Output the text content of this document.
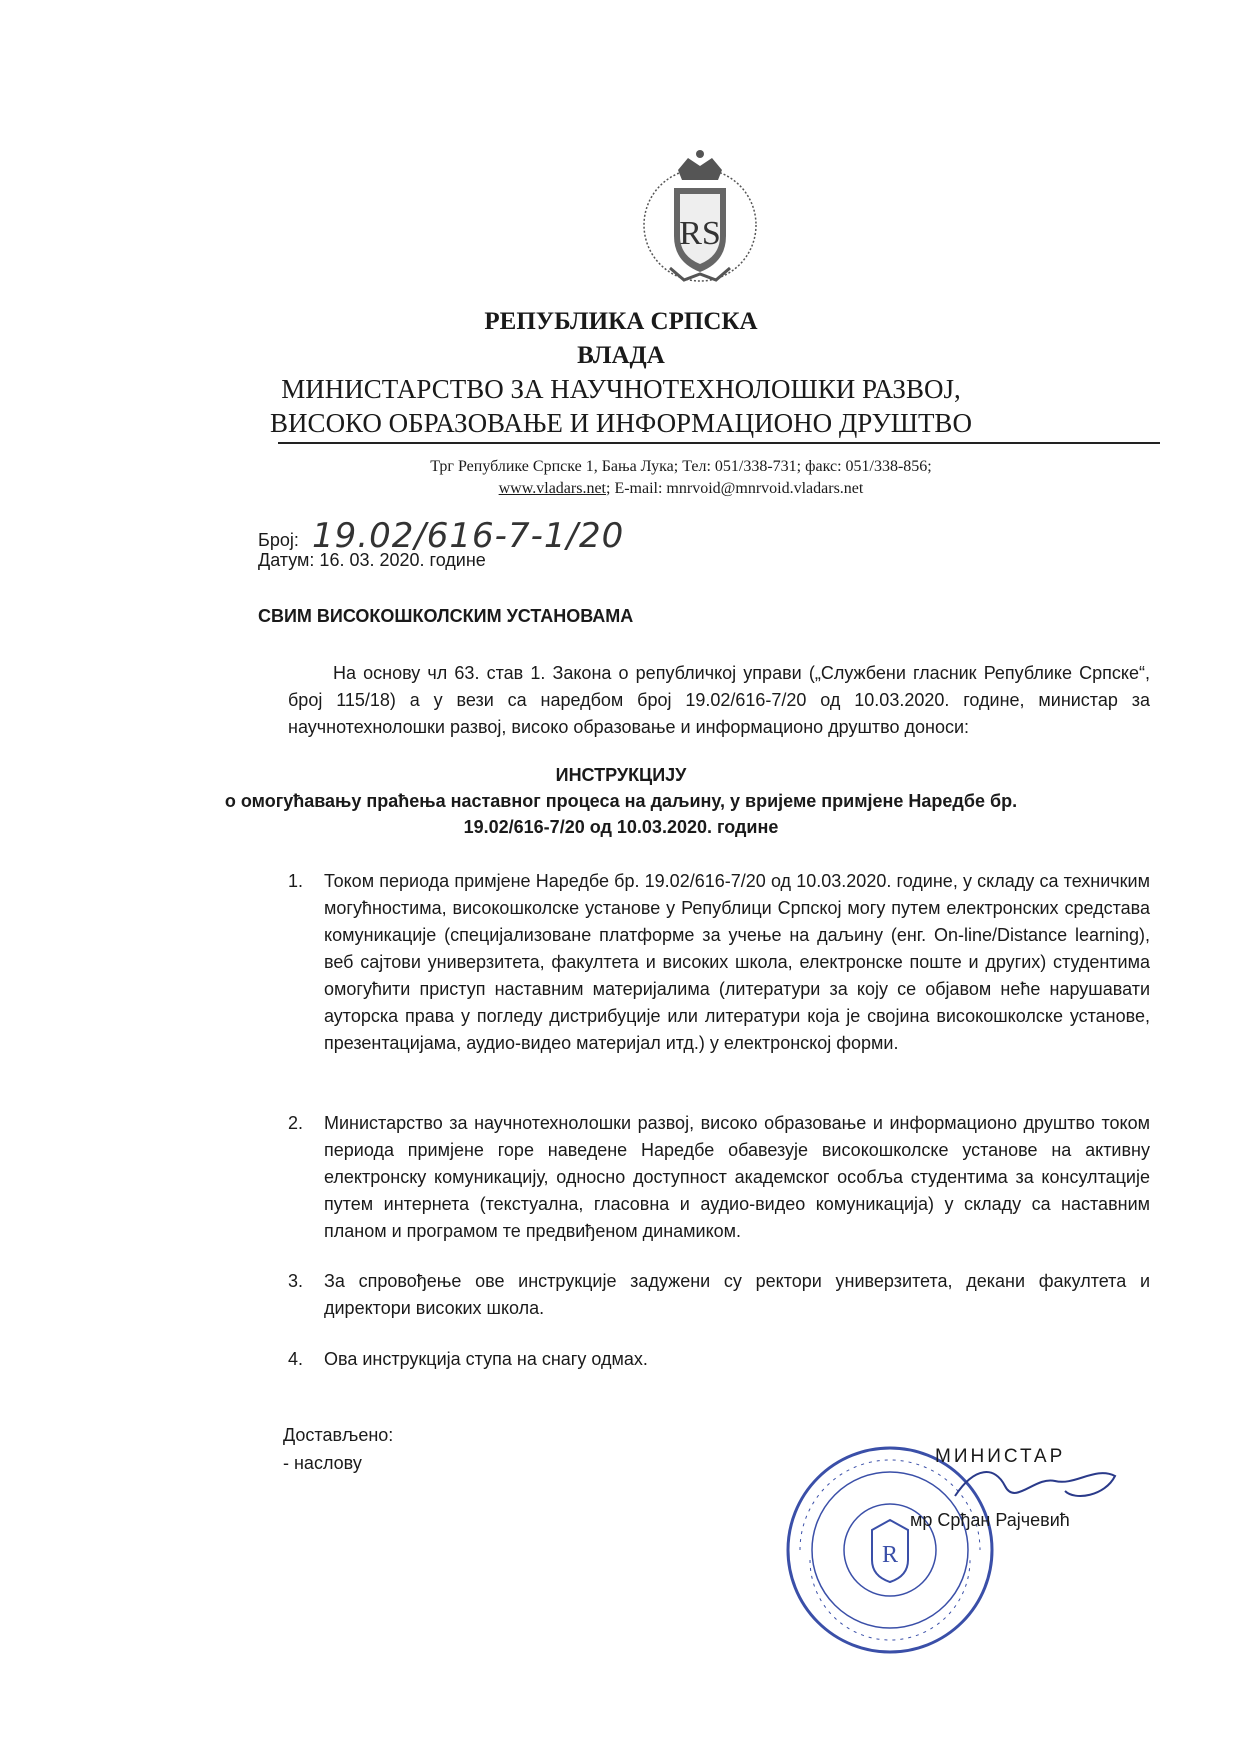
RS
РЕПУБЛИКА СРПСКА
ВЛАДА
МИНИСТАРСТВО ЗА НАУЧНОТЕХНОЛОШКИ РАЗВОЈ,
ВИСОКО ОБРАЗОВАЊЕ И ИНФОРМАЦИОНО ДРУШТВО
Трг Републике Српске 1, Бања Лука; Тел: 051/338-731; факс: 051/338-856;
www.vladars.net; E-mail: mnrvoid@mnrvoid.vladars.net
Број: 19.02/616-7-1/20
Датум: 16. 03. 2020. године
СВИМ ВИСОКОШКОЛСКИМ УСТАНОВАМА
На основу чл 63. став 1. Закона о републичкој управи („Службени гласник Републике Српске“, број 115/18) а у вези са наредбом број 19.02/616-7/20 од 10.03.2020. године, министар за научнотехнолошки развој, високо образовање и информационо друштво доноси:
ИНСТРУКЦИЈУ
о омогућавању праћења наставног процеса на даљину, у вријеме примјене Наредбе бр.
19.02/616-7/20 од 10.03.2020. године
1. Током периода примјене Наредбе бр. 19.02/616-7/20 од 10.03.2020. године, у складу са техничким могућностима, високошколске установе у Републици Српској могу путем електронских средстава комуникације (специјализоване платформе за учење на даљину (енг. On-line/Distance learning), веб сајтови универзитета, факултета и високих школа, електронске поште и других) студентима омогућити приступ наставним материјалима (литератури за коју се објавом неће нарушавати ауторска права у погледу дистрибуције или литератури која је својина високошколске установе, презентацијама, аудио-видео материјал итд.) у електронској форми.
2. Министарство за научнотехнолошки развој, високо образовање и информационо друштво током периода примјене горе наведене Наредбе обавезује високошколске установе на активну електронску комуникацију, односно доступност академског особља студентима за консултације путем интернета (текстуална, гласовна и аудио-видео комуникација) у складу са наставним планом и програмом те предвиђеном динамиком.
3. За спровођење ове инструкције задужени су ректори универзитета, декани факултета и директори високих школа.
4. Ова инструкција ступа на снагу одмах.
Достављено:
- наслову
R
МИНИСТАР
мр Срђан Рајчевић
